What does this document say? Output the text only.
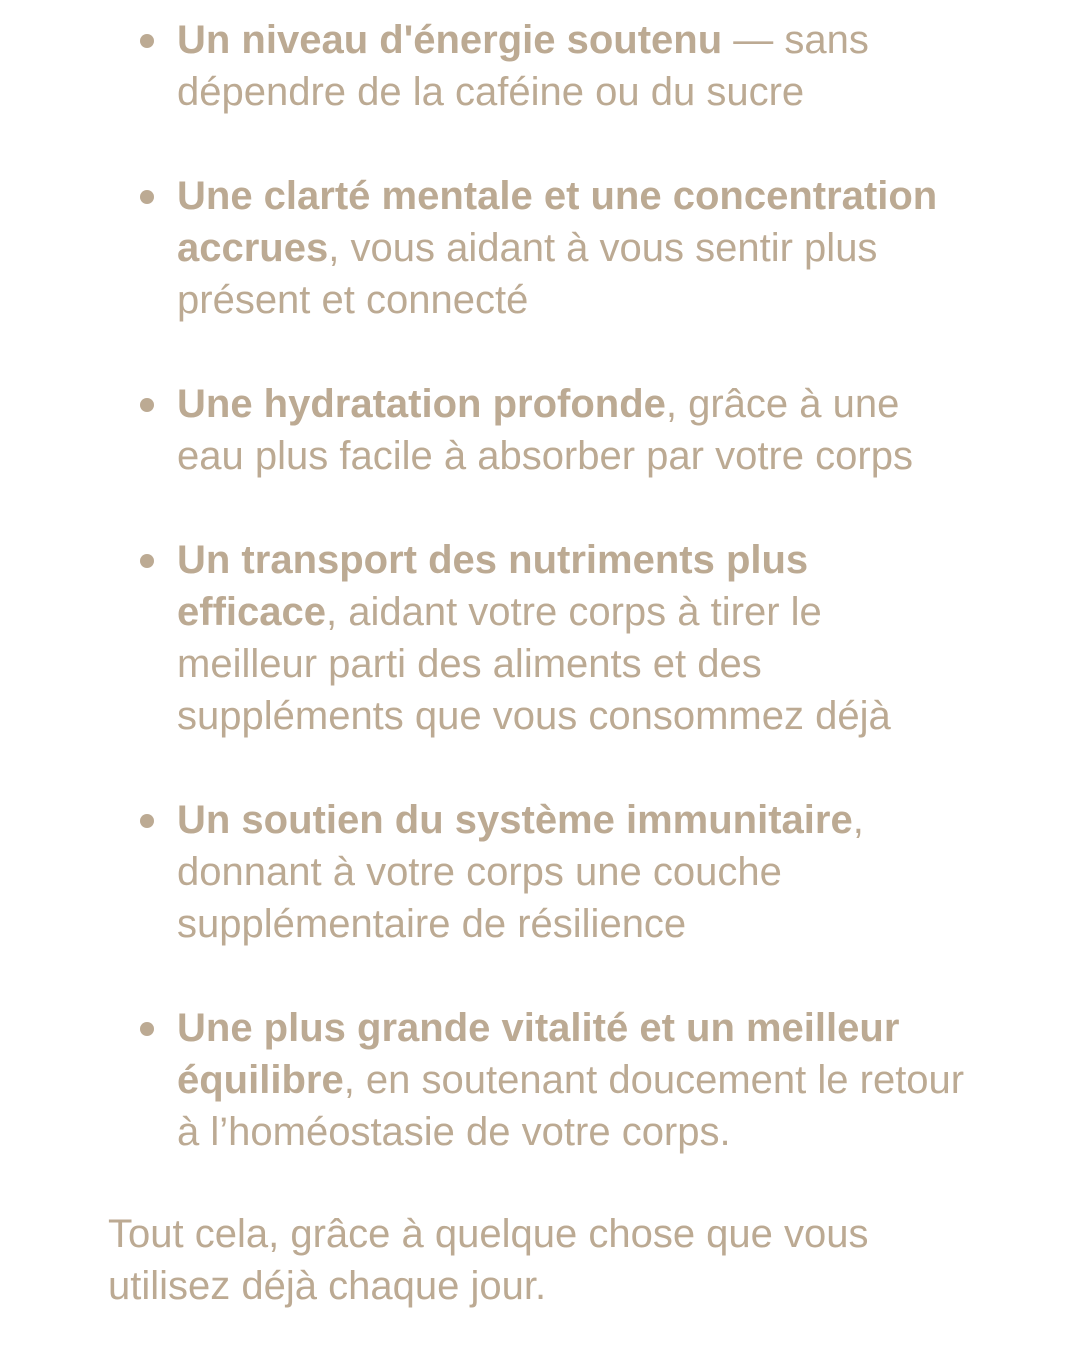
Un niveau d'énergie soutenu — sans dépendre de la caféine ou du sucre
Une clarté mentale et une concentration accrues, vous aidant à vous sentir plus présent et connecté
Une hydratation profonde, grâce à une eau plus facile à absorber par votre corps
Un transport des nutriments plus efficace, aidant votre corps à tirer le meilleur parti des aliments et des suppléments que vous consommez déjà
Un soutien du système immunitaire, donnant à votre corps une couche supplémentaire de résilience
Une plus grande vitalité et un meilleur équilibre, en soutenant doucement le retour à l’homéostasie de votre corps.

Tout cela, grâce à quelque chose que vous utilisez déjà chaque jour.
